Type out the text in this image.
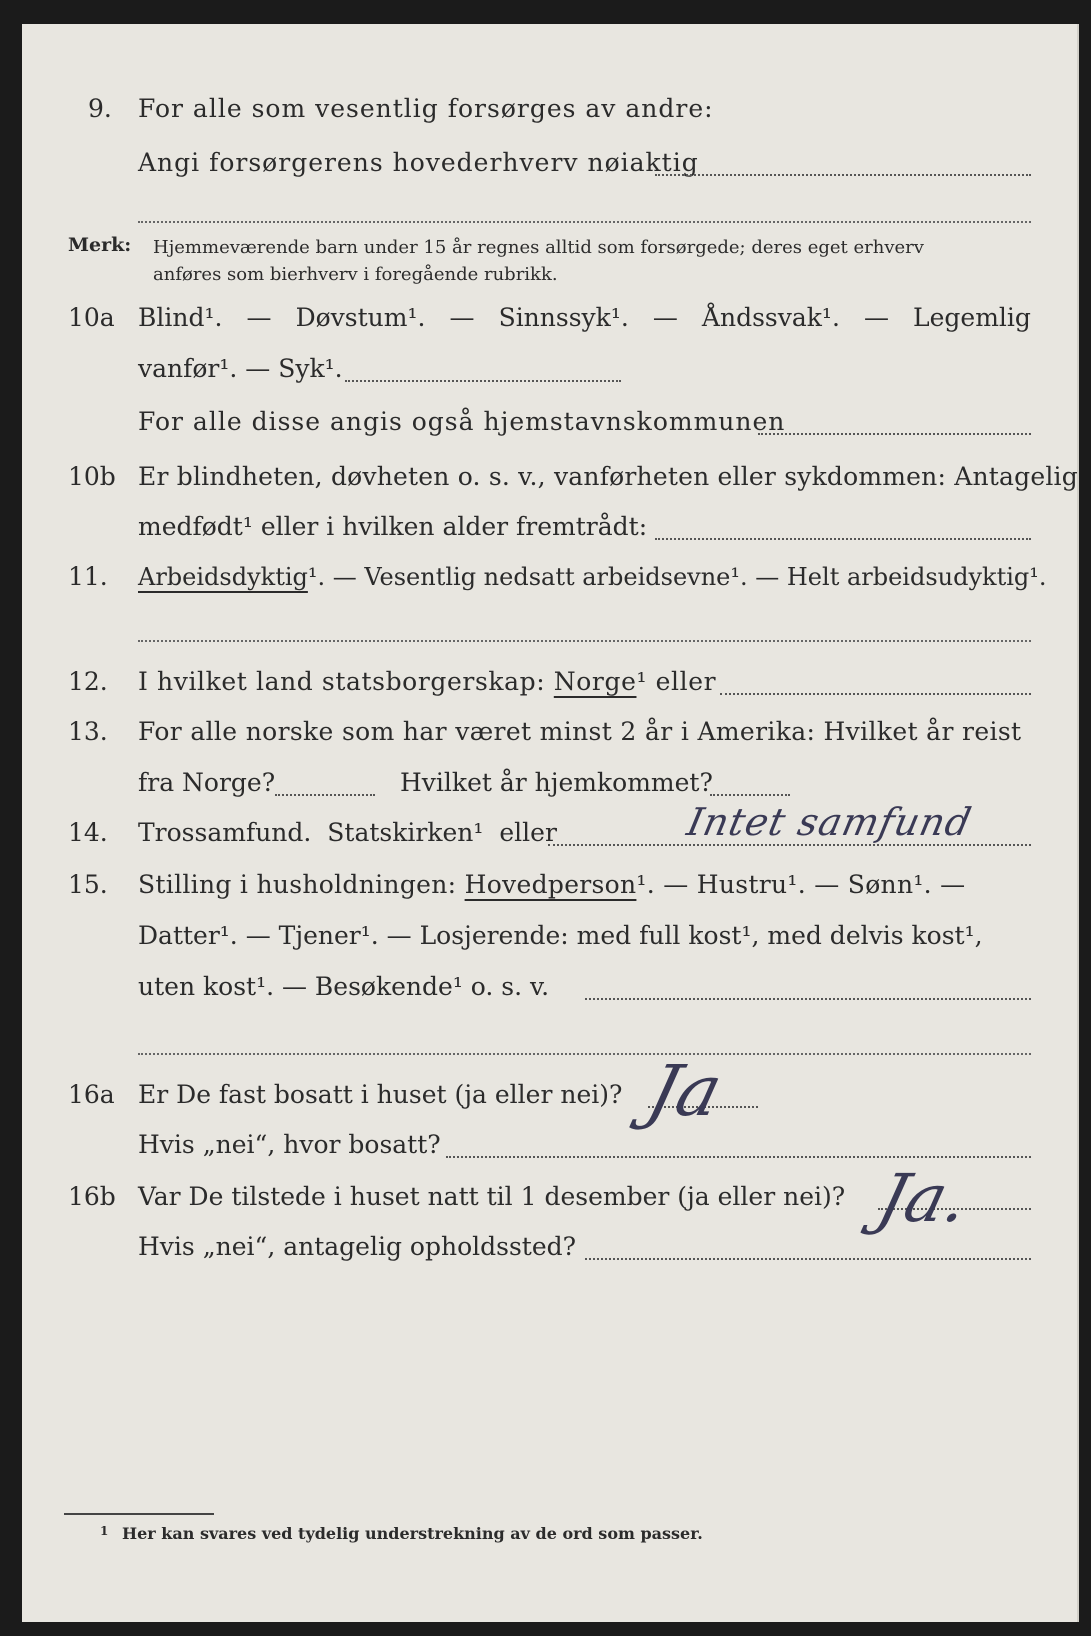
9. For alle som vesentlig forsørges av andre:
Angi forsørgerens hovederhverv nøiaktig
Merk: Hjemmeværende barn under 15 år regnes alltid som forsørgede; deres eget erhverv
anføres som bierhverv i foregående rubrikk.
10a Blind¹. — Døvstum¹. — Sinnssyk¹. — Åndssvak¹. — Legemlig
vanfør¹. — Syk¹.
For alle disse angis også hjemstavnskommunen
10b Er blindheten, døvheten o. s. v., vanførheten eller sykdommen: Antagelig
medfødt¹ eller i hvilken alder fremtrådt:
11. Arbeidsdyktig¹. — Vesentlig nedsatt arbeidsevne¹. — Helt arbeidsudyktig¹.
12. I hvilket land statsborgerskap: Norge¹ eller
13. For alle norske som har været minst 2 år i Amerika: Hvilket år reist
fra Norge?	Hvilket år hjemkommet?
14. Trossamfund. Statskirken¹ eller	Intet samfund
15. Stilling i husholdningen: Hovedperson¹. — Hustru¹. — Sønn¹. —
Datter¹. — Tjener¹. — Losjerende: med full kost¹, med delvis kost¹,
uten kost¹. — Besøkende¹ o. s. v.
16a Er De fast bosatt i huset (ja eller nei)?
Hvis „nei“, hvor bosatt?
Ja
16b Var De tilstede i huset natt til 1 desember (ja eller nei)?
Hvis „nei“, antagelig opholdssted?
Ja.
1 Her kan svares ved tydelig understrekning av de ord som passer.
